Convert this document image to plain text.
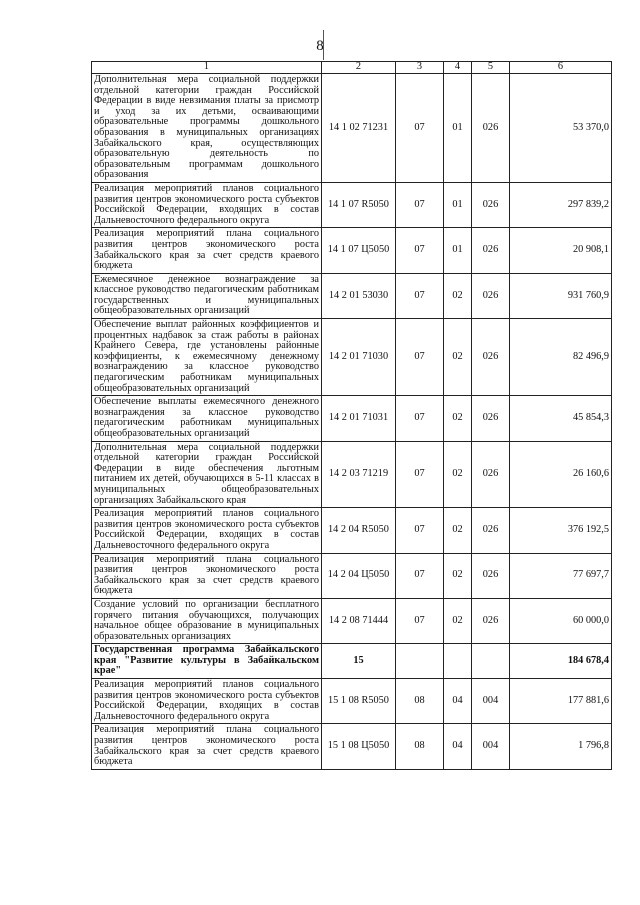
8
1	2	3	4	5	6
Дополнительная мера социальной поддержки отдельной категории граждан Российской Федерации в виде невзимания платы за присмотр и уход за их детьми, осваивающими образовательные программы дошкольного образования в муниципальных организациях Забайкальского края, осуществляющих образовательную деятельность по образовательным программам дошкольного образования	14 1 02 71231	07	01	026	53 370,0
Реализация мероприятий планов социального развития центров экономического роста субъектов Российской Федерации, входящих в состав Дальневосточного федерального округа	14 1 07 R5050	07	01	026	297 839,2
Реализация мероприятий плана социального развития центров экономического роста Забайкальского края за счет средств краевого бюджета	14 1 07 Ц5050	07	01	026	20 908,1
Ежемесячное денежное вознаграждение за классное руководство педагогическим работникам государственных и муниципальных общеобразовательных организаций	14 2 01 53030	07	02	026	931 760,9
Обеспечение выплат районных коэффициентов и процентных надбавок за стаж работы в районах Крайнего Севера, где установлены районные коэффициенты, к ежемесячному денежному вознаграждению за классное руководство педагогическим работникам муниципальных общеобразовательных организаций	14 2 01 71030	07	02	026	82 496,9
Обеспечение выплаты ежемесячного денежного вознаграждения за классное руководство педагогическим работникам муниципальных общеобразовательных организаций	14 2 01 71031	07	02	026	45 854,3
Дополнительная мера социальной поддержки отдельной категории граждан Российской Федерации в виде обеспечения льготным питанием их детей, обучающихся в 5-11 классах в муниципальных общеобразовательных организациях Забайкальского края	14 2 03 71219	07	02	026	26 160,6
Реализация мероприятий планов социального развития центров экономического роста субъектов Российской Федерации, входящих в состав Дальневосточного федерального округа	14 2 04 R5050	07	02	026	376 192,5
Реализация мероприятий плана социального развития центров экономического роста Забайкальского края за счет средств краевого бюджета	14 2 04 Ц5050	07	02	026	77 697,7
Создание условий по организации бесплатного горячего питания обучающихся, получающих начальное общее образование в муниципальных образовательных организациях	14 2 08 71444	07	02	026	60 000,0
Государственная программа Забайкальского края "Развитие культуры в Забайкальском крае"	15				184 678,4
Реализация мероприятий планов социального развития центров экономического роста субъектов Российской Федерации, входящих в состав Дальневосточного федерального округа	15 1 08 R5050	08	04	004	177 881,6
Реализация мероприятий плана социального развития центров экономического роста Забайкальского края за счет средств краевого бюджета	15 1 08 Ц5050	08	04	004	1 796,8
